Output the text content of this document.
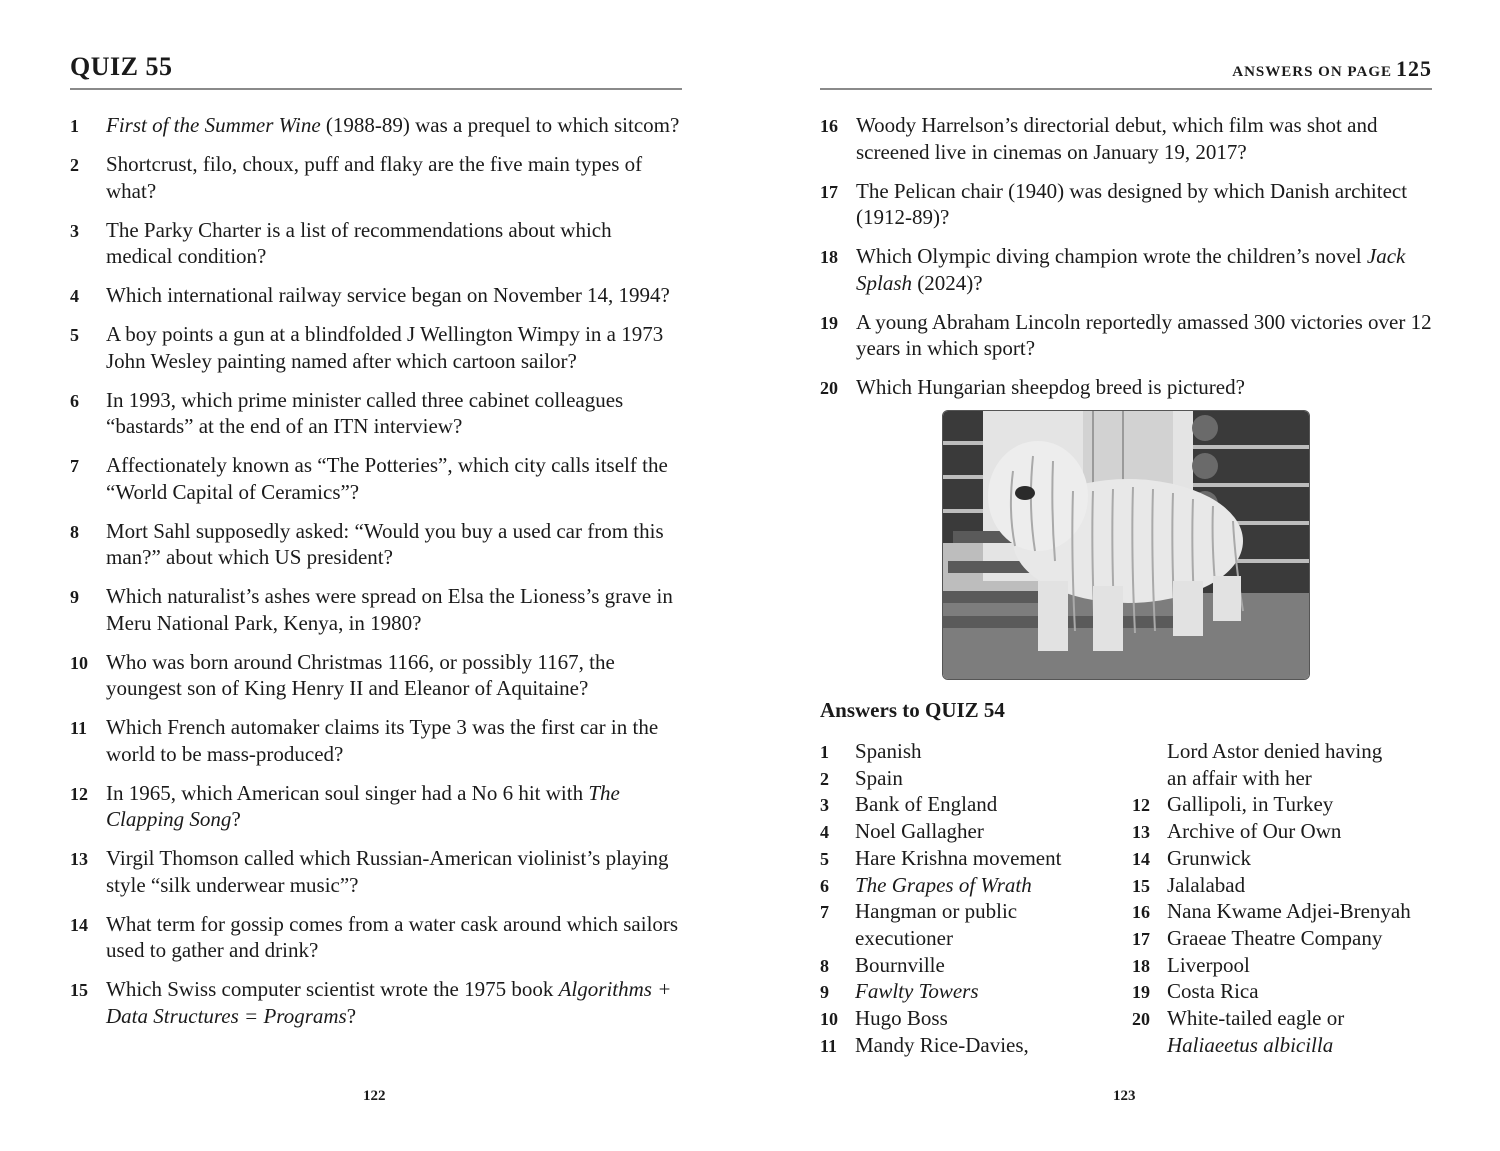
QUIZ 55
1 First of the Summer Wine (1988-89) was a prequel to which sitcom?
2 Shortcrust, filo, choux, puff and flaky are the five main types of what?
3 The Parky Charter is a list of recommendations about which medical condition?
4 Which international railway service began on November 14, 1994?
5 A boy points a gun at a blindfolded J Wellington Wimpy in a 1973 John Wesley painting named after which cartoon sailor?
6 In 1993, which prime minister called three cabinet colleagues “bastards” at the end of an ITN interview?
7 Affectionately known as “The Potteries”, which city calls itself the “World Capital of Ceramics”?
8 Mort Sahl supposedly asked: “Would you buy a used car from this man?” about which US president?
9 Which naturalist’s ashes were spread on Elsa the Lioness’s grave in Meru National Park, Kenya, in 1980?
10 Who was born around Christmas 1166, or possibly 1167, the youngest son of King Henry II and Eleanor of Aquitaine?
11 Which French automaker claims its Type 3 was the first car in the world to be mass-produced?
12 In 1965, which American soul singer had a No 6 hit with The Clapping Song?
13 Virgil Thomson called which Russian-American violinist’s playing style “silk underwear music”?
14 What term for gossip comes from a water cask around which sailors used to gather and drink?
15 Which Swiss computer scientist wrote the 1975 book Algorithms + Data Structures = Programs?
122
ANSWERS ON PAGE 125
16 Woody Harrelson’s directorial debut, which film was shot and screened live in cinemas on January 19, 2017?
17 The Pelican chair (1940) was designed by which Danish architect (1912-89)?
18 Which Olympic diving champion wrote the children’s novel Jack Splash (2024)?
19 A young Abraham Lincoln reportedly amassed 300 victories over 12 years in which sport?
20 Which Hungarian sheepdog breed is pictured?
Answers to QUIZ 54
1 Spanish
2 Spain
3 Bank of England
4 Noel Gallagher
5 Hare Krishna movement
6 The Grapes of Wrath
7 Hangman or public
executioner
8 Bournville
9 Fawlty Towers
10 Hugo Boss
11 Mandy Rice-Davies,
Lord Astor denied having
an affair with her
12 Gallipoli, in Turkey
13 Archive of Our Own
14 Grunwick
15 Jalalabad
16 Nana Kwame Adjei-Brenyah
17 Graeae Theatre Company
18 Liverpool
19 Costa Rica
20 White-tailed eagle or
Haliaeetus albicilla
123
